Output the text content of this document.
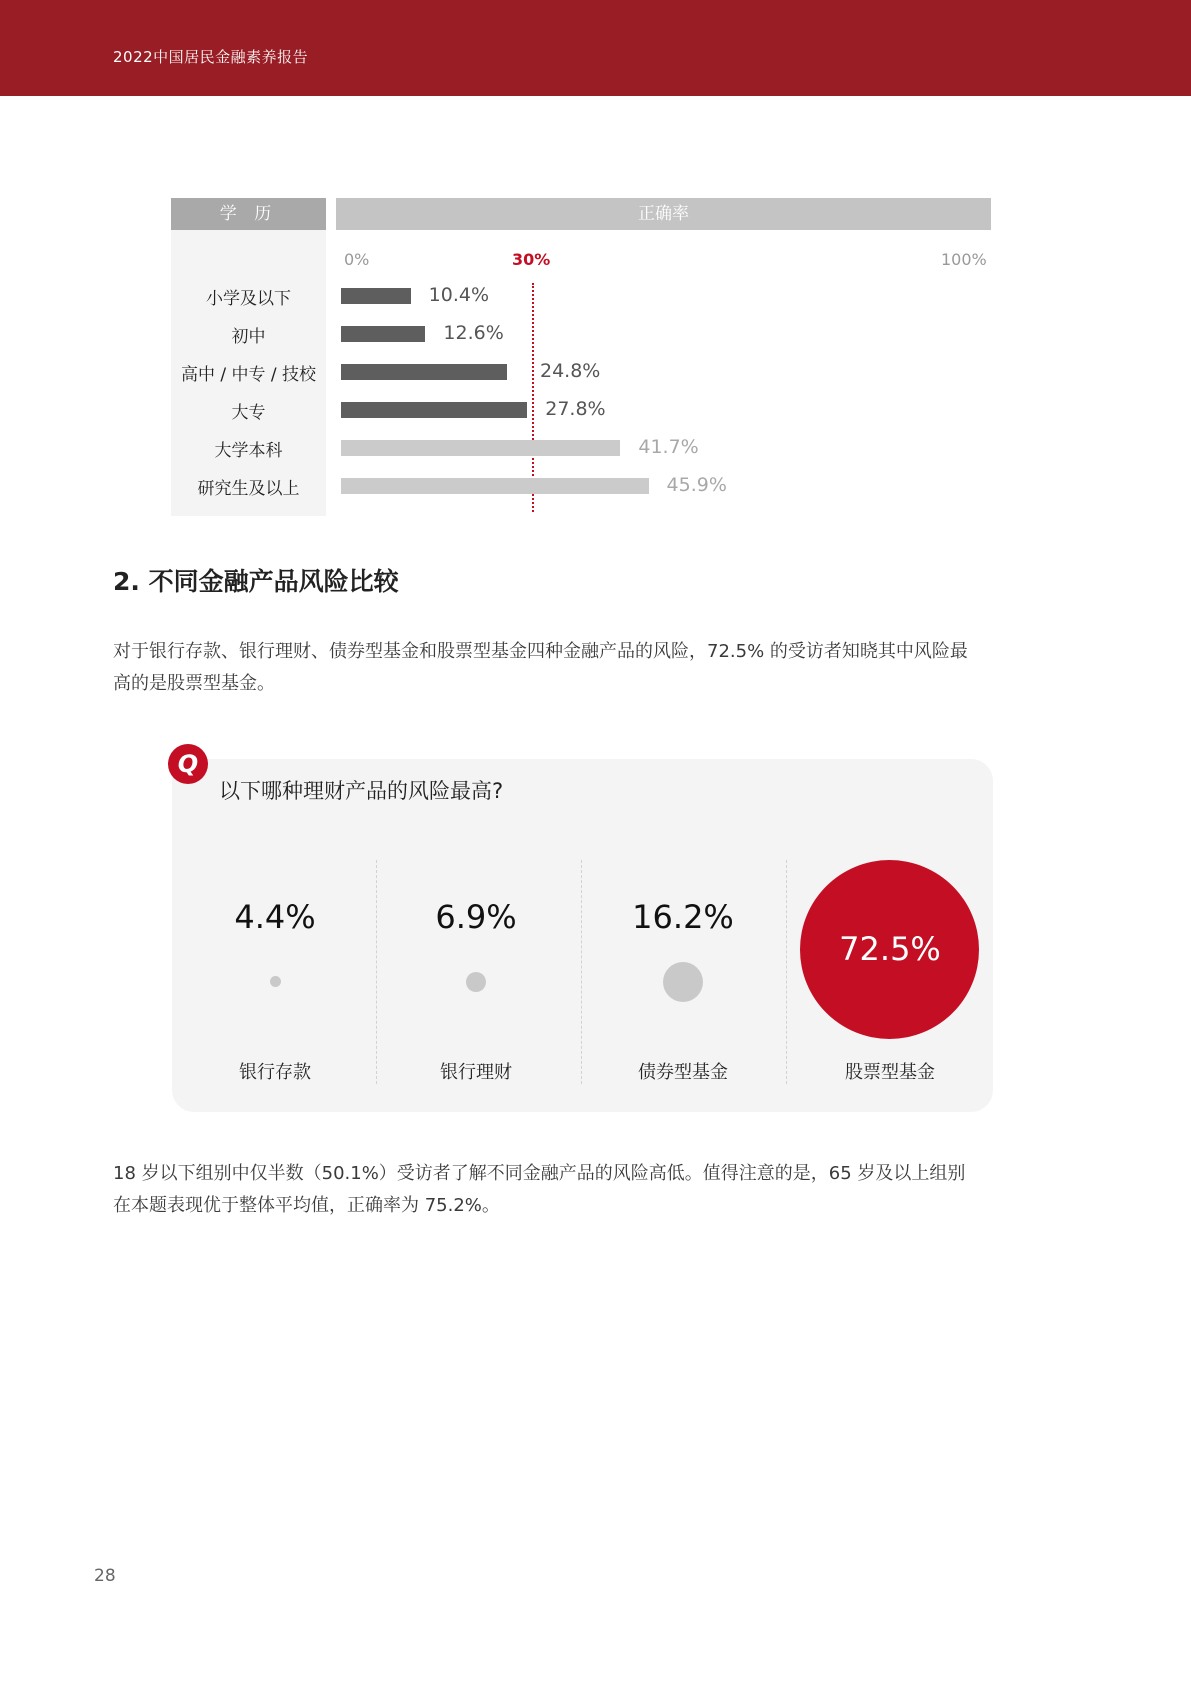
2022中国居民金融素养报告
学 历	正确率
0%	30%	100%
小学及以下	10.4%
初中	12.6%
高中 / 中专 / 技校	24.8%
大专	27.8%
大学本科	41.7%
研究生及以上	45.9%
2. 不同金融产品风险比较
对于银行存款、银行理财、债券型基金和股票型基金四种金融产品的风险，72.5% 的受访者知晓其中风险最
高的是股票型基金。
Q
以下哪种理财产品的风险最高?
4.4%	6.9%	16.2%
72.5%
银行存款	银行理财	债券型基金	股票型基金
18 岁以下组别中仅半数（50.1%）受访者了解不同金融产品的风险高低。值得注意的是，65 岁及以上组别
在本题表现优于整体平均值，正确率为 75.2%。
28
